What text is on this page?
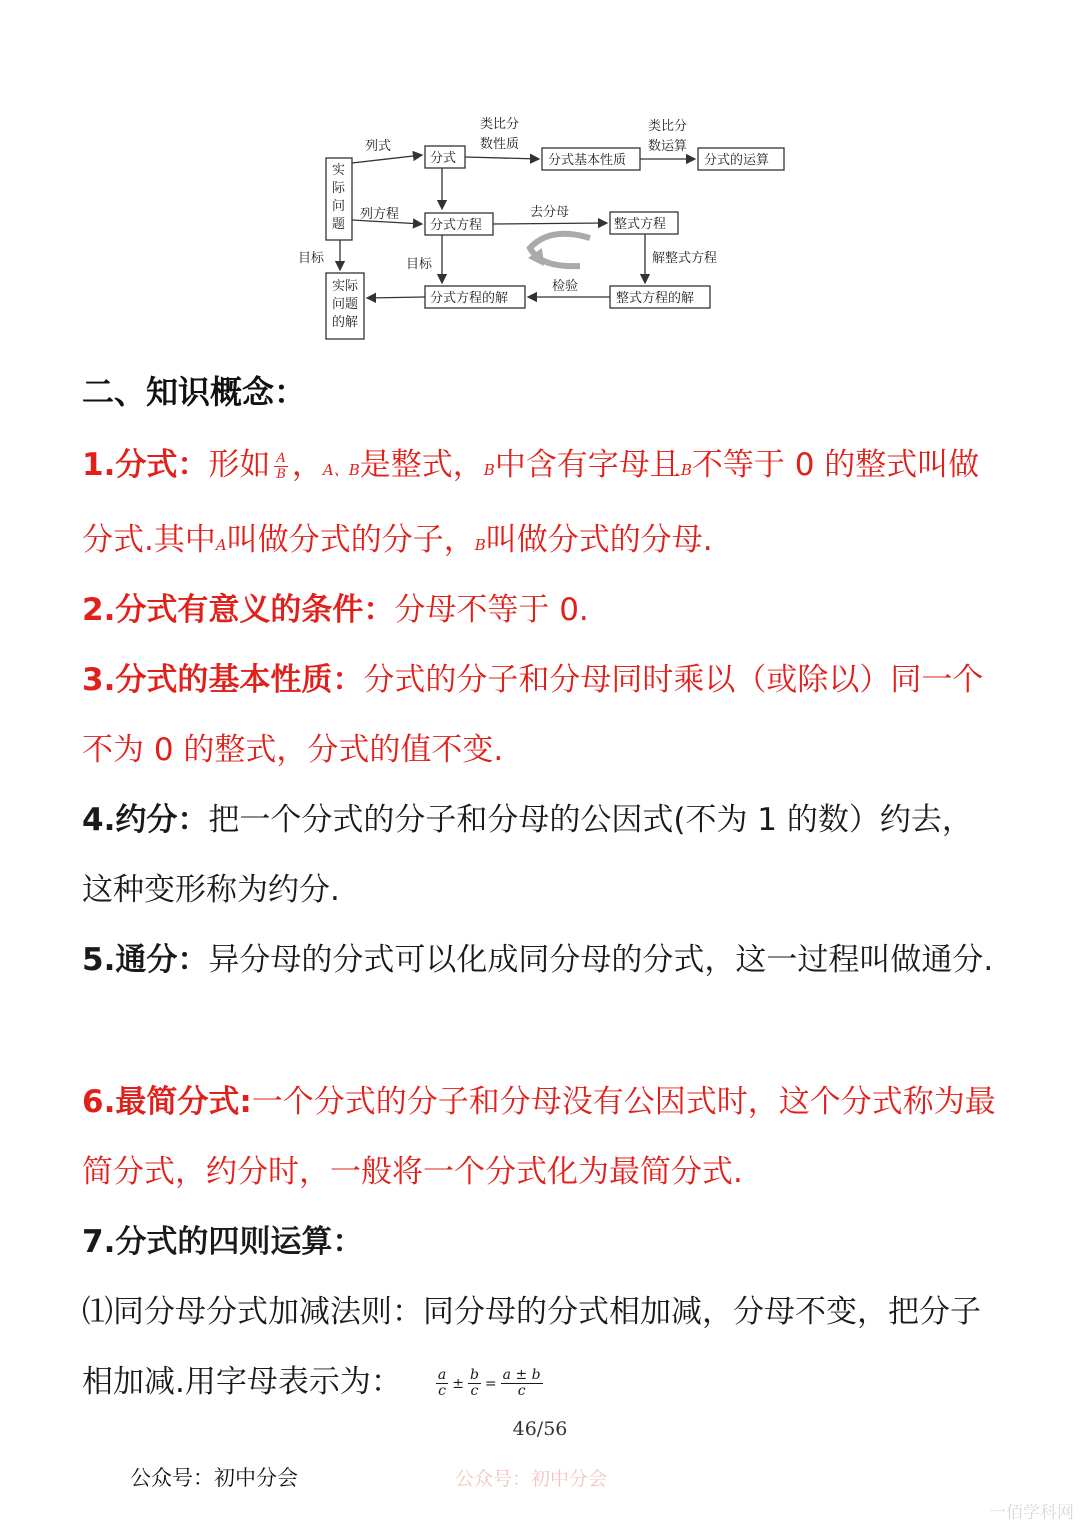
实
际
问
题
分式	分式基本性质	分式的运算
分式方程	整式方程
整式方程的解
分式方程的解
实际
问题
的解
列式
类比分
数性质
类比分
数运算
列方程	去分母
解整式方程
检验
目标	目标
二、知识概念：
1.分式：形如 $\frac{A}{B}$ ，A、B是整式，B中含有字母且B不等于 0 的整式叫做分式.其中A叫做分式的分子，B叫做分式的分母.
2.分式有意义的条件：分母不等于 0.
3.分式的基本性质：分式的分子和分母同时乘以（或除以）同一个不为 0 的整式，分式的值不变.
4.约分：把一个分式的分子和分母的公因式(不为 1 的数）约去，这种变形称为约分.
5.通分：异分母的分式可以化成同分母的分式，这一过程叫做通分.
6.最简分式:一个分式的分子和分母没有公因式时，这个分式称为最简分式，约分时，一般将一个分式化为最简分式.
7.分式的四则运算：
⑴同分母分式加减法则：同分母的分式相加减，分母不变，把分子相加减.用字母表示为： $\frac{a}{c} \pm \frac{b}{c} = \frac{a \pm b}{c}$
46/56
公众号：初中分会	公众号：初中分会
一佰学科网
